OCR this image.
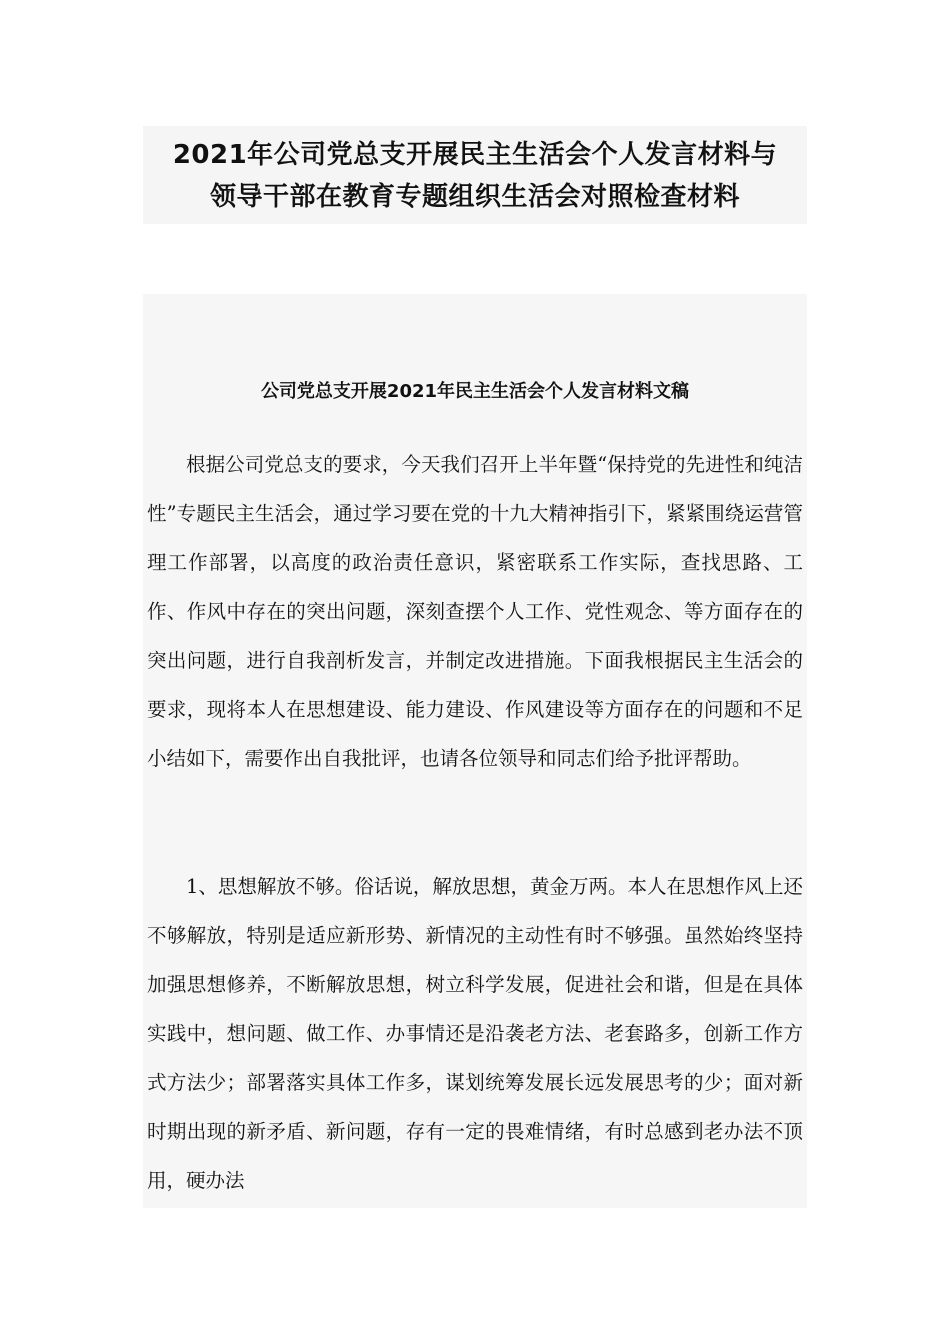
2021年公司党总支开展民主生活会个人发言材料与
领导干部在教育专题组织生活会对照检查材料
公司党总支开展2021年民主生活会个人发言材料文稿

根据公司党总支的要求，今天我们召开上半年暨“保持党的先进性和纯洁性”专题民主生活会，通过学习要在党的十九大精神指引下，紧紧围绕运营管理工作部署，以高度的政治责任意识，紧密联系工作实际，查找思路、工作、作风中存在的突出问题，深刻查摆个人工作、党性观念、等方面存在的突出问题，进行自我剖析发言，并制定改进措施。下面我根据民主生活会的要求，现将本人在思想建设、能力建设、作风建设等方面存在的问题和不足小结如下，需要作出自我批评，也请各位领导和同志们给予批评帮助。

1、思想解放不够。俗话说，解放思想，黄金万两。本人在思想作风上还不够解放，特别是适应新形势、新情况的主动性有时不够强。虽然始终坚持加强思想修养，不断解放思想，树立科学发展，促进社会和谐，但是在具体实践中，想问题、做工作、办事情还是沿袭老方法、老套路多，创新工作方式方法少；部署落实具体工作多，谋划统筹发展长远发展思考的少；面对新时期出现的新矛盾、新问题，存有一定的畏难情绪，有时总感到老办法不顶用，硬办法
